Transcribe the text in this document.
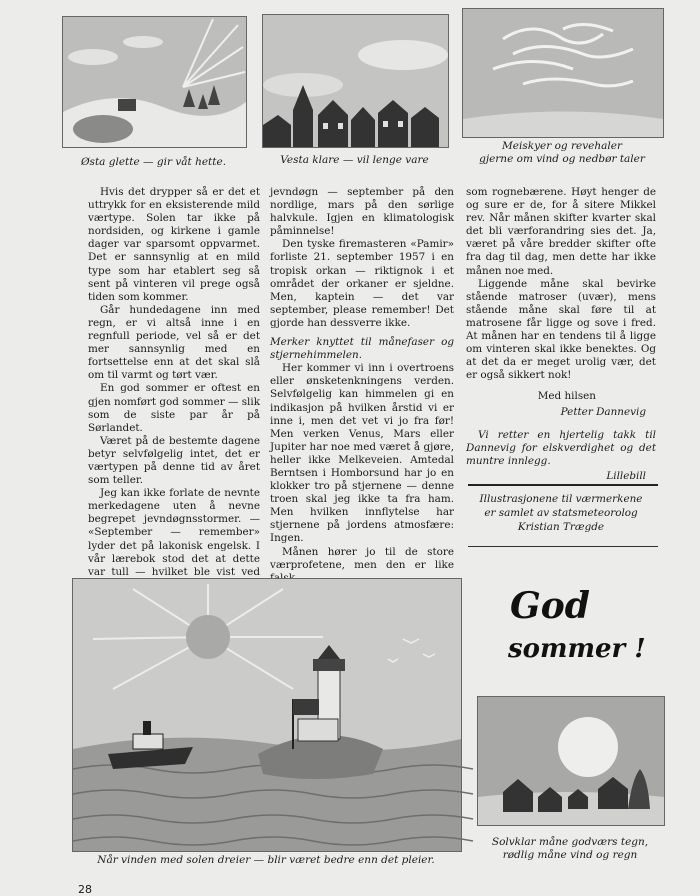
Østa glette — gir våt hette.	Vesta klare — vil lenge vare
Meiskyer og revehaler
gjerne om vind og nedbør taler

Hvis det drypper så er det et uttrykk for en eksisterende mild værtype. Solen tar ikke på nordsiden, og kirkene i gamle dager var sparsomt oppvarmet. Det er sannsynlig at en mild type som har etablert seg så sent på vinteren vil prege også tiden som kommer.

Går hundedagene inn med regn, er vi altså inne i en regnfull periode, vel så er det mer sannsynlig med en fortsettelse enn at det skal slå om til varmt og tørt vær.

En god sommer er oftest en gjen nomført god sommer — slik som de siste par år på Sørlandet.

Været på de bestemte dagene betyr selvfølgelig intet, det er værtypen på denne tid av året som teller.

Jeg kan ikke forlate de nevnte merkedagene uten å nevne begrepet jevndøgnsstormer. — «September — remember» lyder det på lakonisk engelsk. I vår lærebok stod det at dette var tull — hvilket ble vist ved

jevndøgn — september på den nordlige, mars på den sørlige halvkule. Igjen en klimatologisk påminnelse!

Den tyske firemasteren «Pamir» forliste 21. september 1957 i en tropisk orkan — riktignok i et området der orkaner er sjeldne. Men, kaptein — det var september, please remember! Det gjorde han dessverre ikke.

Merker knyttet til månefaser og stjernehimmelen.

Her kommer vi inn i overtroens eller ønsketenkningens verden. Selvfølgelig kan himmelen gi en indikasjon på hvilken årstid vi er inne i, men det vet vi jo fra før! Men verken Venus, Mars eller Jupiter har noe med været å gjøre, heller ikke Melkeveien. Amtedal Berntsen i Homborsund har jo en klokker tro på stjernene — denne troen skal jeg ikke ta fra ham. Men hvilken innflytelse har stjernene på jordens atmosfære: Ingen.

Månen hører jo til de store værprofetene, men den er like

som rognebærene. Høyt henger de og sure er de, for å sitere Mikkel rev. Når månen skifter kvarter skal det bli værforandring sies det. Ja, været på våre bredder skifter ofte fra dag til dag, men dette har ikke månen noe med.

Liggende måne skal bevirke stående matroser (uvær), mens stående måne skal føre til at matrosene får ligge og sove i fred. At månen har en tendens til å ligge om vinteren skal ikke benektes. Og at det da er meget urolig vær, det er også sikkert nok!

Med hilsen
Petter Dannevig

Vi retter en hjertelig takk til Dannevig for elskverdighet og det muntre innlegg.

Lillebill
Illustrasjonene til værmerkene
er samlet av statsmeteorolog
Kristian Trægde
Når vinden med solen dreier — blir været bedre enn det pleier.
God
sommer !
Solvklar måne godværs tegn,
rødlig måne vind og regn
28
